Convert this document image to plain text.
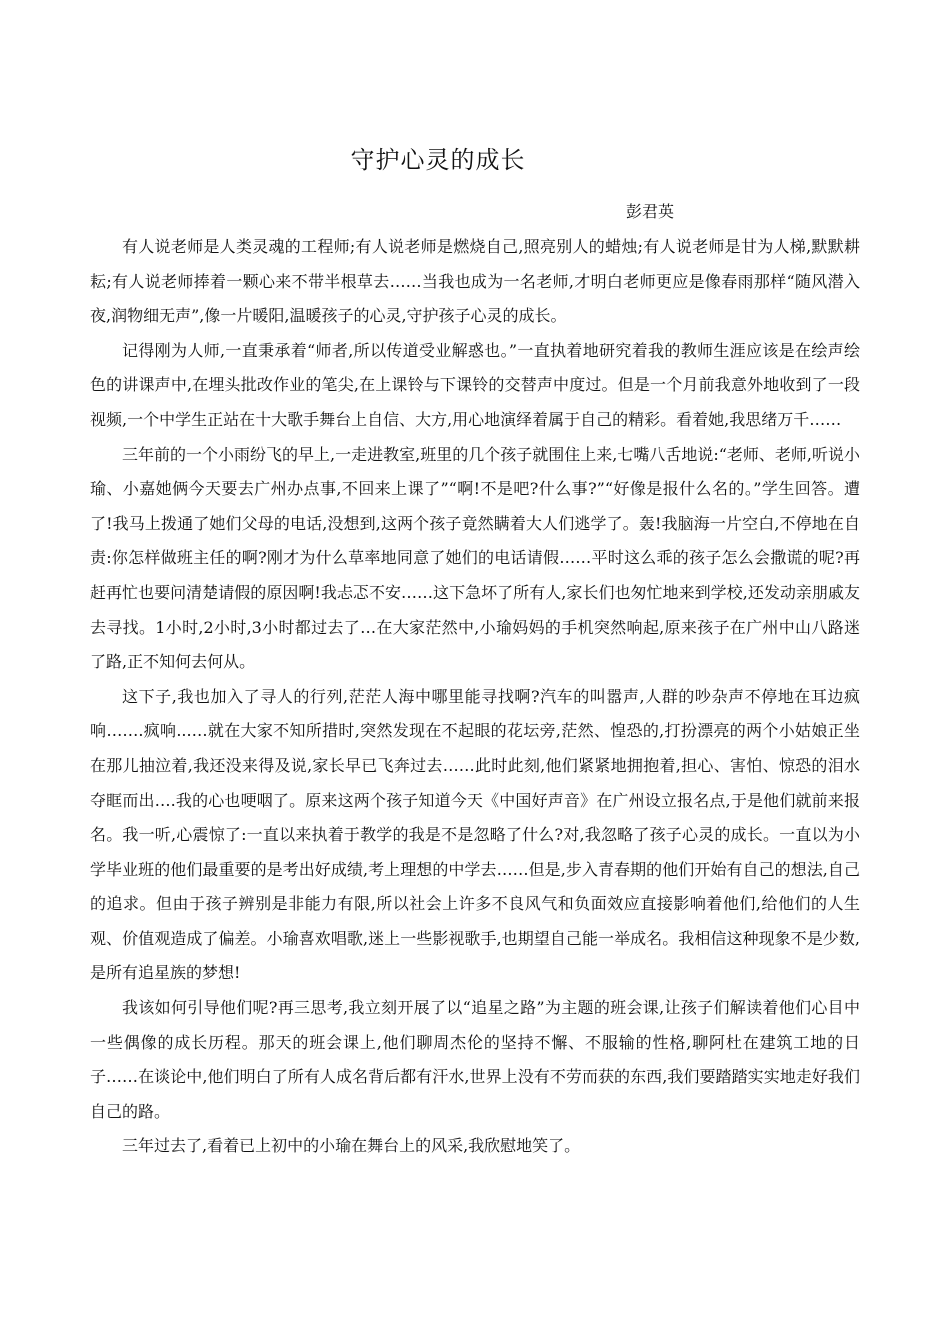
守护心灵的成长

彭君英

有人说老师是人类灵魂的工程师;有人说老师是燃烧自己,照亮别人的蜡烛;有人说老师是甘为人梯,默默耕耘;有人说老师捧着一颗心来不带半根草去……当我也成为一名老师,才明白老师更应是像春雨那样“随风潜入夜,润物细无声”,像一片暖阳,温暖孩子的心灵,守护孩子心灵的成长。

记得刚为人师,一直秉承着“师者,所以传道受业解惑也。”一直执着地研究着我的教师生涯应该是在绘声绘色的讲课声中,在埋头批改作业的笔尖,在上课铃与下课铃的交替声中度过。但是一个月前我意外地收到了一段视频,一个中学生正站在十大歌手舞台上自信、大方,用心地演绎着属于自己的精彩。看着她,我思绪万千……

三年前的一个小雨纷飞的早上,一走进教室,班里的几个孩子就围住上来,七嘴八舌地说:“老师、老师,听说小瑜、小嘉她俩今天要去广州办点事,不回来上课了”“啊!不是吧?什么事?”“好像是报什么名的。”学生回答。遭了!我马上拨通了她们父母的电话,没想到,这两个孩子竟然瞒着大人们逃学了。轰!我脑海一片空白,不停地在自责:你怎样做班主任的啊?刚才为什么草率地同意了她们的电话请假……平时这么乖的孩子怎么会撒谎的呢?再赶再忙也要问清楚请假的原因啊!我忐忑不安……这下急坏了所有人,家长们也匆忙地来到学校,还发动亲朋戚友去寻找。1小时,2小时,3小时都过去了…在大家茫然中,小瑜妈妈的手机突然响起,原来孩子在广州中山八路迷了路,正不知何去何从。

这下子,我也加入了寻人的行列,茫茫人海中哪里能寻找啊?汽车的叫嚣声,人群的吵杂声不停地在耳边疯响…….疯响...…就在大家不知所措时,突然发现在不起眼的花坛旁,茫然、惶恐的,打扮漂亮的两个小姑娘正坐在那儿抽泣着,我还没来得及说,家长早已飞奔过去……此时此刻,他们紧紧地拥抱着,担心、害怕、惊恐的泪水夺眶而出….我的心也哽咽了。原来这两个孩子知道今天《中国好声音》在广州设立报名点,于是他们就前来报名。我一听,心震惊了:一直以来执着于教学的我是不是忽略了什么?对,我忽略了孩子心灵的成长。一直以为小学毕业班的他们最重要的是考出好成绩,考上理想的中学去……但是,步入青春期的他们开始有自己的想法,自己的追求。但由于孩子辨别是非能力有限,所以社会上许多不良风气和负面效应直接影响着他们,给他们的人生观、价值观造成了偏差。小瑜喜欢唱歌,迷上一些影视歌手,也期望自己能一举成名。我相信这种现象不是少数,是所有追星族的梦想!

我该如何引导他们呢?再三思考,我立刻开展了以“追星之路”为主题的班会课,让孩子们解读着他们心目中一些偶像的成长历程。那天的班会课上,他们聊周杰伦的坚持不懈、不服输的性格,聊阿杜在建筑工地的日子……在谈论中,他们明白了所有人成名背后都有汗水,世界上没有不劳而获的东西,我们要踏踏实实地走好我们自己的路。

三年过去了,看着已上初中的小瑜在舞台上的风采,我欣慰地笑了。
